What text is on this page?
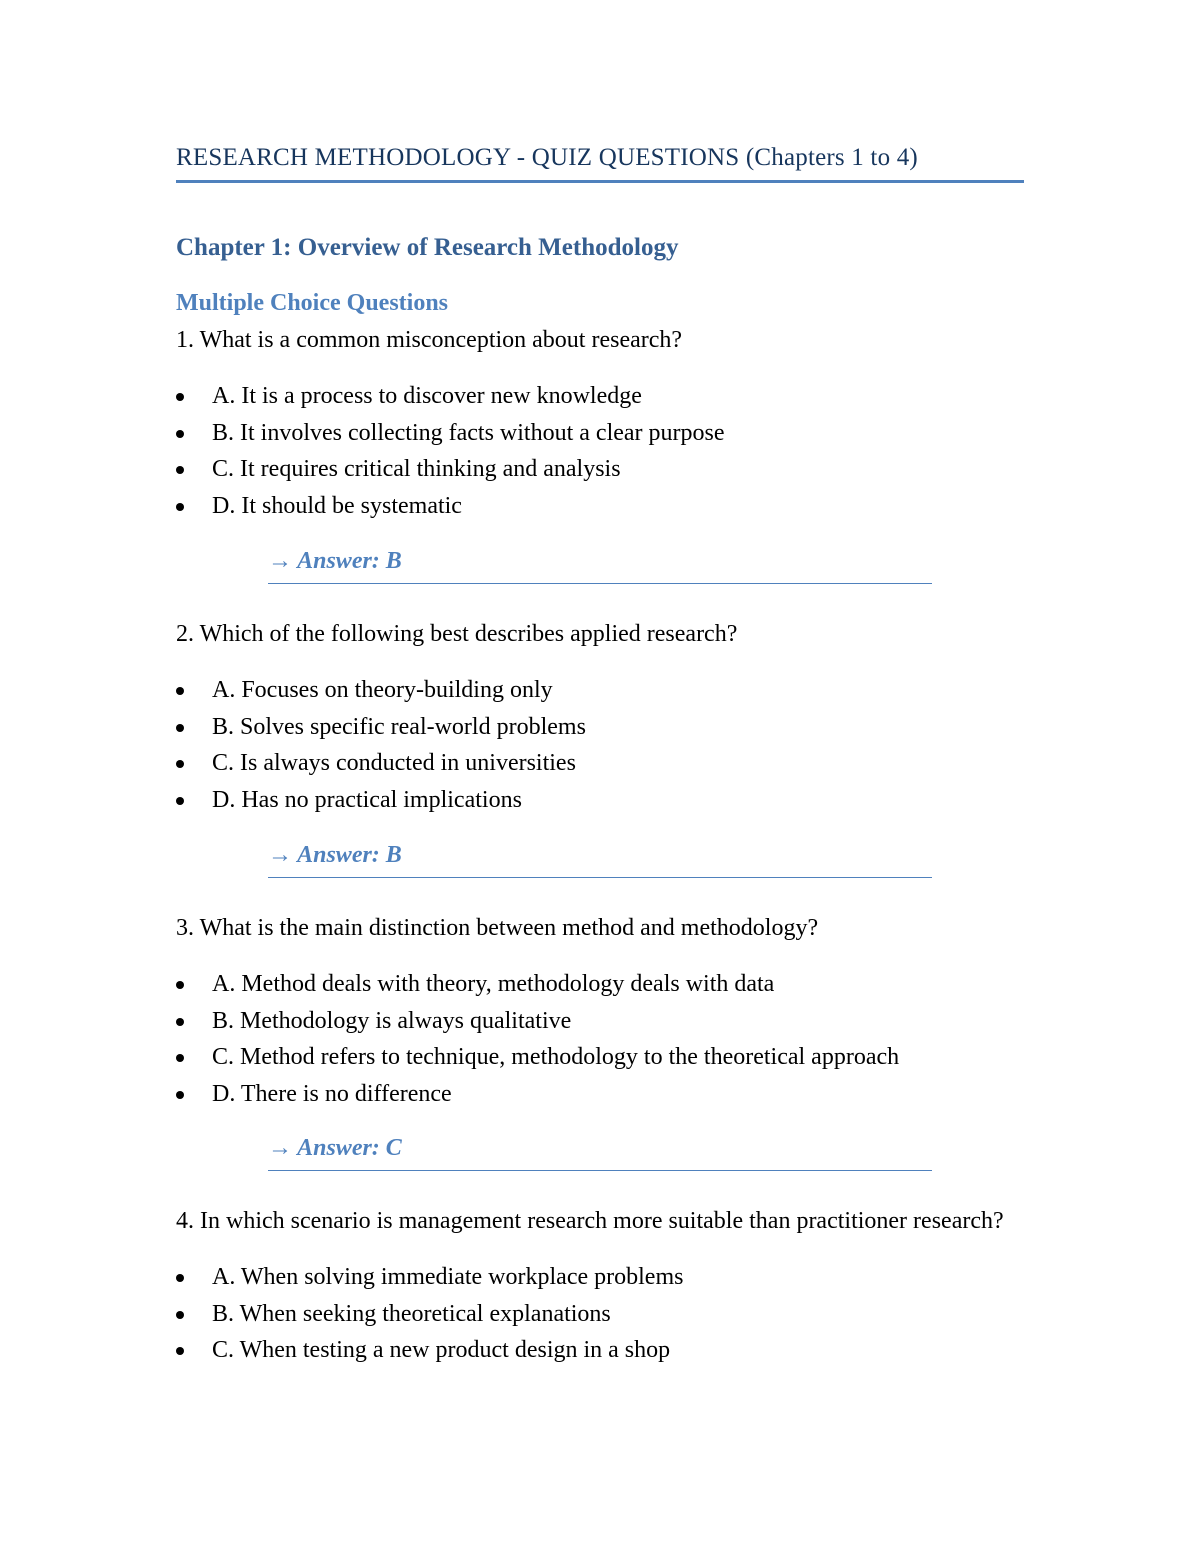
RESEARCH METHODOLOGY - QUIZ QUESTIONS (Chapters 1 to 4)
Chapter 1: Overview of Research Methodology
Multiple Choice Questions

1. What is a common misconception about research?

A. It is a process to discover new knowledge
B. It involves collecting facts without a clear purpose
C. It requires critical thinking and analysis
D. It should be systematic
→ Answer: B

2. Which of the following best describes applied research?

A. Focuses on theory-building only
B. Solves specific real-world problems
C. Is always conducted in universities
D. Has no practical implications
→ Answer: B

3. What is the main distinction between method and methodology?

A. Method deals with theory, methodology deals with data
B. Methodology is always qualitative
C. Method refers to technique, methodology to the theoretical approach
D. There is no difference
→ Answer: C

4. In which scenario is management research more suitable than practitioner research?

A. When solving immediate workplace problems
B. When seeking theoretical explanations
C. When testing a new product design in a shop
